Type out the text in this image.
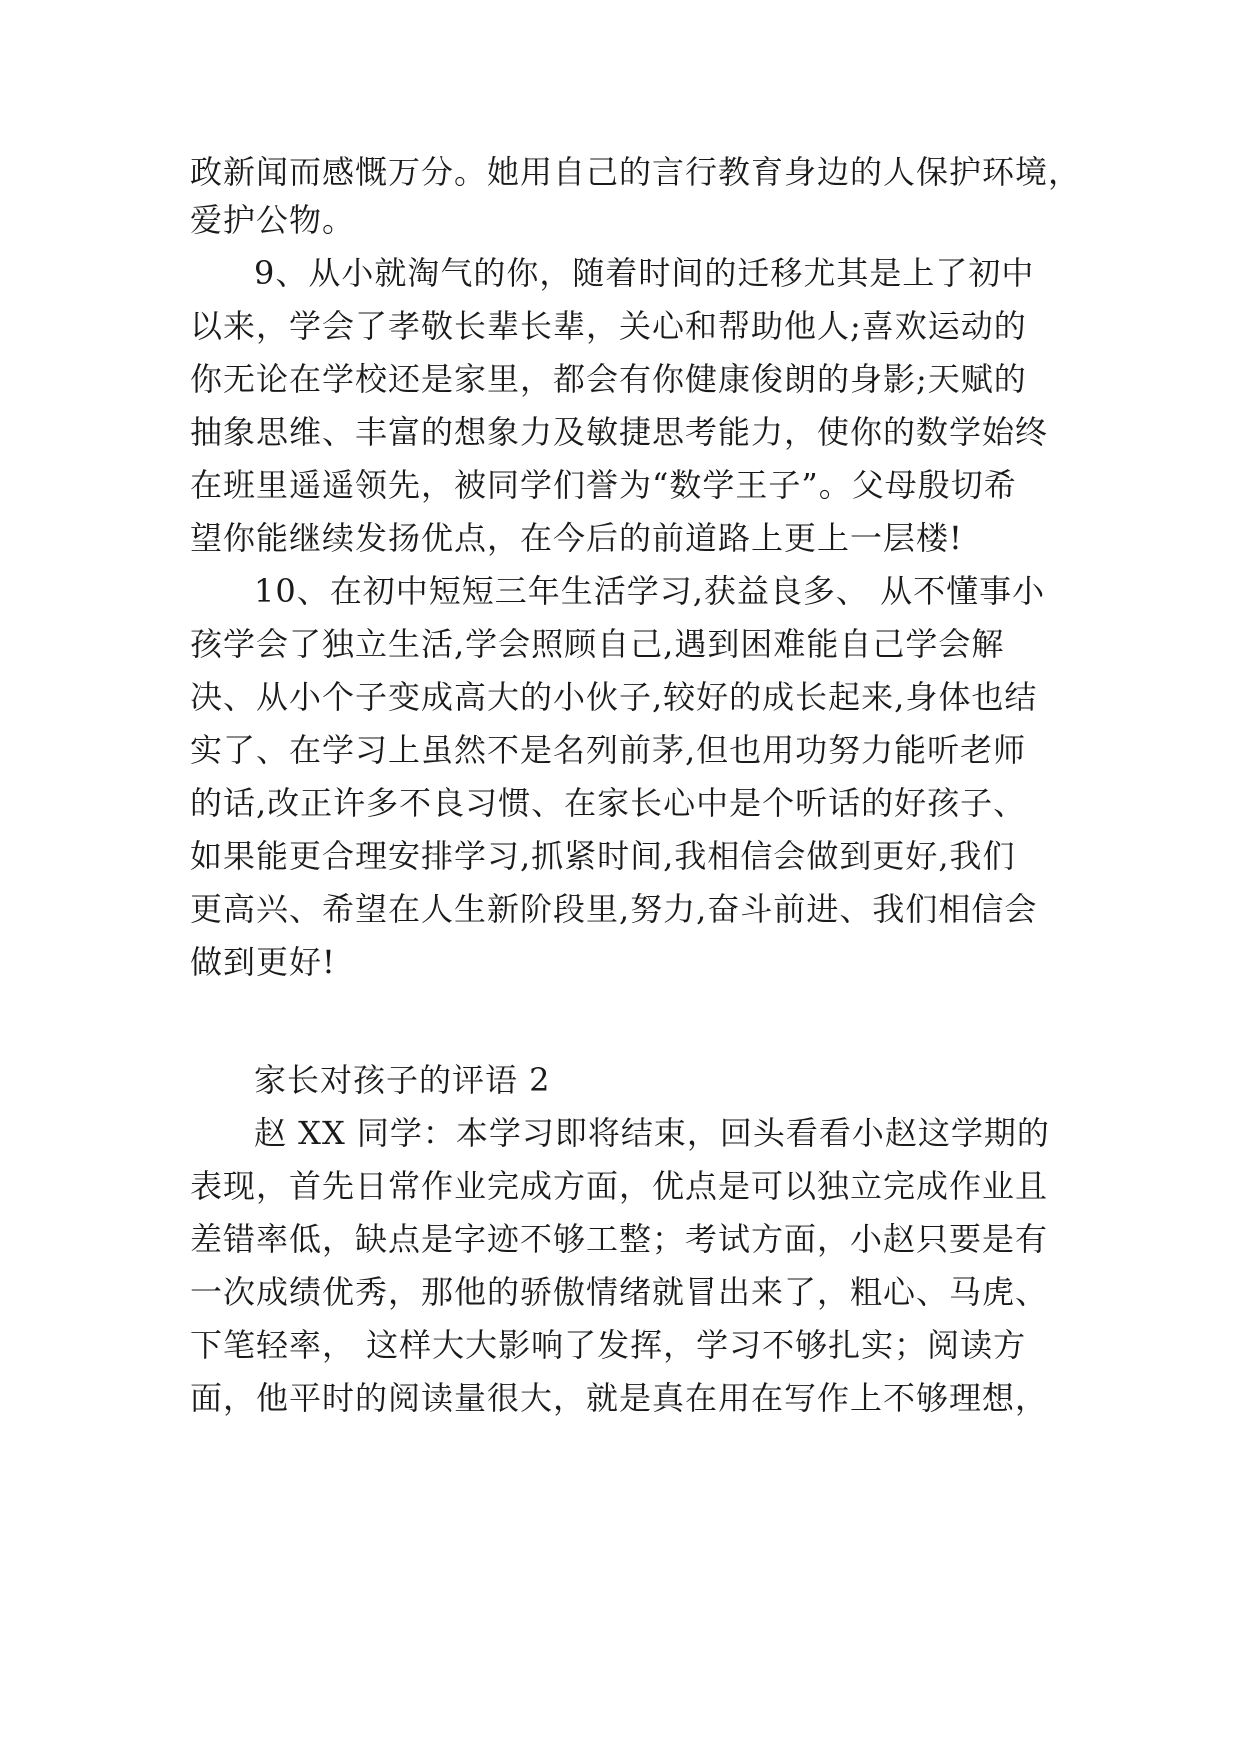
政新闻而感慨万分。她用自己的言行教育身边的人保护环境，
爱护公物。
9、从小就淘气的你，随着时间的迁移尤其是上了初中
以来，学会了孝敬长辈长辈，关心和帮助他人;喜欢运动的
你无论在学校还是家里，都会有你健康俊朗的身影;天赋的
抽象思维、丰富的想象力及敏捷思考能力，使你的数学始终
在班里遥遥领先，被同学们誉为“数学王子”。父母殷切希
望你能继续发扬优点，在今后的前道路上更上一层楼!
10、在初中短短三年生活学习,获益良多、 从不懂事小
孩学会了独立生活,学会照顾自己,遇到困难能自己学会解
决、从小个子变成高大的小伙子,较好的成长起来,身体也结
实了、在学习上虽然不是名列前茅,但也用功努力能听老师
的话,改正许多不良习惯、在家长心中是个听话的好孩子、
如果能更合理安排学习,抓紧时间,我相信会做到更好,我们
更高兴、希望在人生新阶段里,努力,奋斗前进、我们相信会
做到更好!
家长对孩子的评语 2
赵 XX 同学：本学习即将结束，回头看看小赵这学期的
表现，首先日常作业完成方面，优点是可以独立完成作业且
差错率低，缺点是字迹不够工整；考试方面，小赵只要是有
一次成绩优秀，那他的骄傲情绪就冒出来了，粗心、马虎、
下笔轻率， 这样大大影响了发挥，学习不够扎实；阅读方
面，他平时的阅读量很大，就是真在用在写作上不够理想，
